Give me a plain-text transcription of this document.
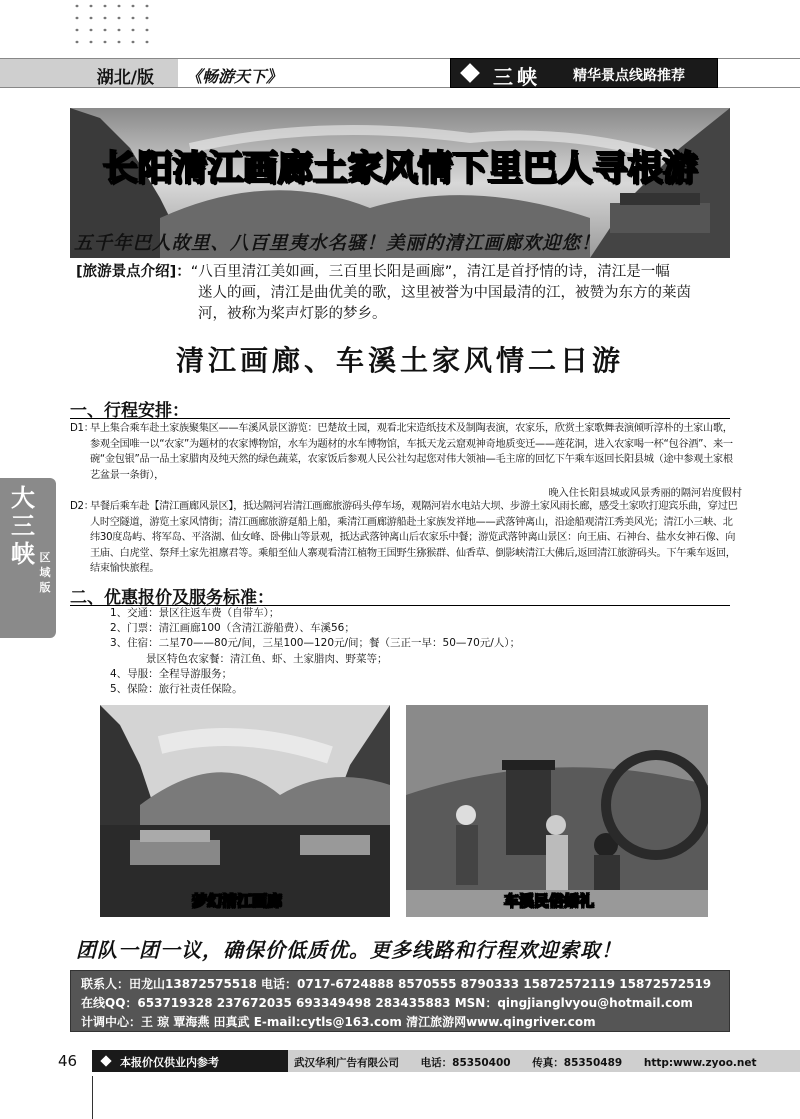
湖北/版 《畅游天下》	三峡 精华景点线路推荐
长阳清江画廊土家风情下里巴人寻根游
五千年巴人故里、八百里夷水名骚！美丽的清江画廊欢迎您！
[旅游景点介绍]：“八百里清江美如画，三百里长阳是画廊”，清江是首抒情的诗，清江是一幅
迷人的画，清江是曲优美的歌，这里被誉为中国最清的江，被赞为东方的莱茵
河，被称为桨声灯影的梦乡。
清江画廊、车溪土家风情二日游
一、行程安排：
大三峡 区域版
D1：
早上集合乘车赴土家族聚集区——车溪风景区游览：巴楚故土园，观看北宋造纸技术及制陶表演，农家乐，欣赏土家歌舞表演倾听淳朴的土家山歌，参观全国唯一以“农家”为题材的农家博物馆，水车为题材的水车博物馆，车抵天龙云窟观神奇地质变迁——莲花洞，进入农家喝一杯“包谷酒”、来一碗“金包银”品一品土家腊肉及纯天然的绿色蔬菜，农家饭后参观人民公社勾起您对伟大领袖—毛主席的回忆下午乘车返回长阳县城（途中参观土家根艺盆景一条街），
晚入住长阳县城或风景秀丽的隔河岩度假村
D2：
早餐后乘车赴【清江画廊风景区】，抵达隔河岩清江画廊旅游码头停车场，观隔河岩水电站大坝、步游土家风雨长廊，感受土家吹打迎宾乐曲，穿过巴人时空隧道，游览土家风情街；清江画廊旅游趸船上船，乘清江画廊游船赴土家族发祥地——武落钟离山，沿途船观清江秀美风光；清江小三峡、北纬30度岛屿、将军岛、平洛湖、仙女峰、卧佛山等景观，抵达武落钟离山后农家乐中餐；游览武落钟离山景区：向王庙、石神台、盐水女神石像、向王庙、白虎堂、祭拜土家先祖廪君等。乘船至仙人寨观看清江植物王国野生猕猴群、仙香草、倒影峡清江大佛后,返回清江旅游码头。下午乘车返回，结束愉快旅程。
二、优惠报价及服务标准：
1、交通：景区往返车费（自带车）；
2、门票：清江画廊100（含清江游船费）、车溪56；
3、住宿：二星70——80元/间，三星100—120元/间；餐（三正一早：50—70元/人）；
景区特色农家餐：清江鱼、虾、土家腊肉、野菜等；
4、导服：全程导游服务；
5、保险：旅行社责任保险。
梦幻清江画廊	车溪民俗婚礼
团队一团一议，确保价低质优。更多线路和行程欢迎索取！
联系人：田龙山13872575518 电话：0717-6724888 8570555 8790333 15872572119 15872572519
在线QQ：653719328 237672035 693349498 283435883 MSN：qingjianglvyou@hotmail.com
计调中心：王 琼 覃海燕 田真武 E-mail:cytls@163.com 清江旅游网www.qingriver.com
46	本报价仅供业内参考	武汉华利广告有限公司 电话：85350400 传真：85350489 http:www.zyoo.net
